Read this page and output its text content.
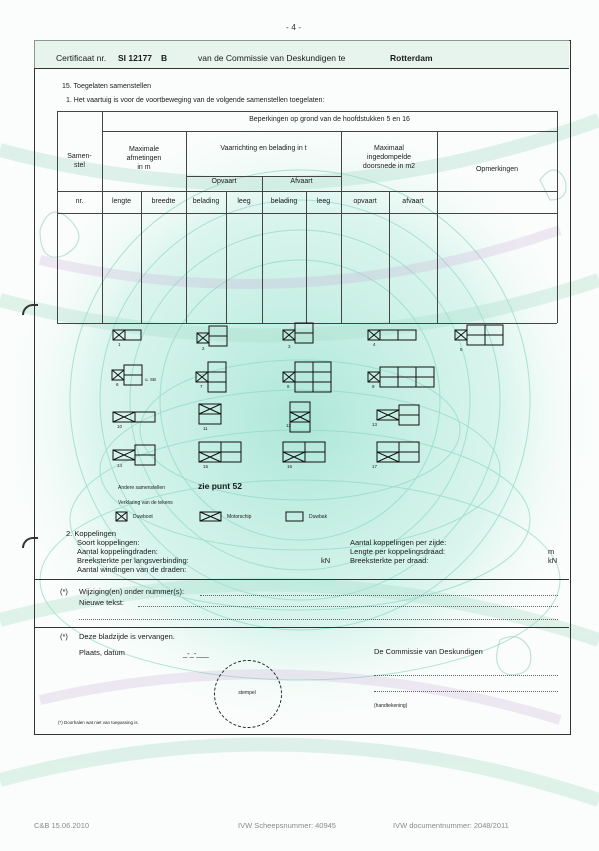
- 4 -
Certificaat nr. SI 12177 B	van de Commissie van Deskundigen te	Rotterdam
15. Toegelaten samenstellen
1. Het vaartuig is voor de voortbeweging van de volgende samenstellen toegelaten:
Beperkingen op grond van de hoofdstukken 5 en 16
Samen-
stel
Maximale
afmetingen
in m
Vaarrichting en belading in t
Opvaart	Afvaart
Maximaal
ingedompelde
doorsnede in m2	Opmerkingen
nr.	lengte	breedte	belading	leeg	belading	leeg	opvaart	afvaart
1
2	3	4
5
6
u. SB
7	8	9
10	11
12	13
14	15	16	17
Andere samenstellen	zie punt 52
Verklaring van de tekens
Duwboot	Motorschip	Duwbak
2. Koppelingen
Soort koppelingen:
Aantal koppelingdraden:
Breeksterkte per langsverbinding:	kN
Aantal windingen van de draden:
Aantal koppelingen per zijde:
Lengte per koppelingsdraad:	m
Breeksterkte per draad:	kN
(*) Wijziging(en) onder nummer(s):
Nieuwe tekst:
(*) Deze bladzijde is vervangen.
Plaats, datum	_-_-___	De Commissie van Deskundigen
(handtekening)
stempel
(*) Doorhalen wat niet van toepassing is.
C&B 15.06.2010	IVW Scheepsnummer: 40945	IVW documentnummer: 2048/2011
